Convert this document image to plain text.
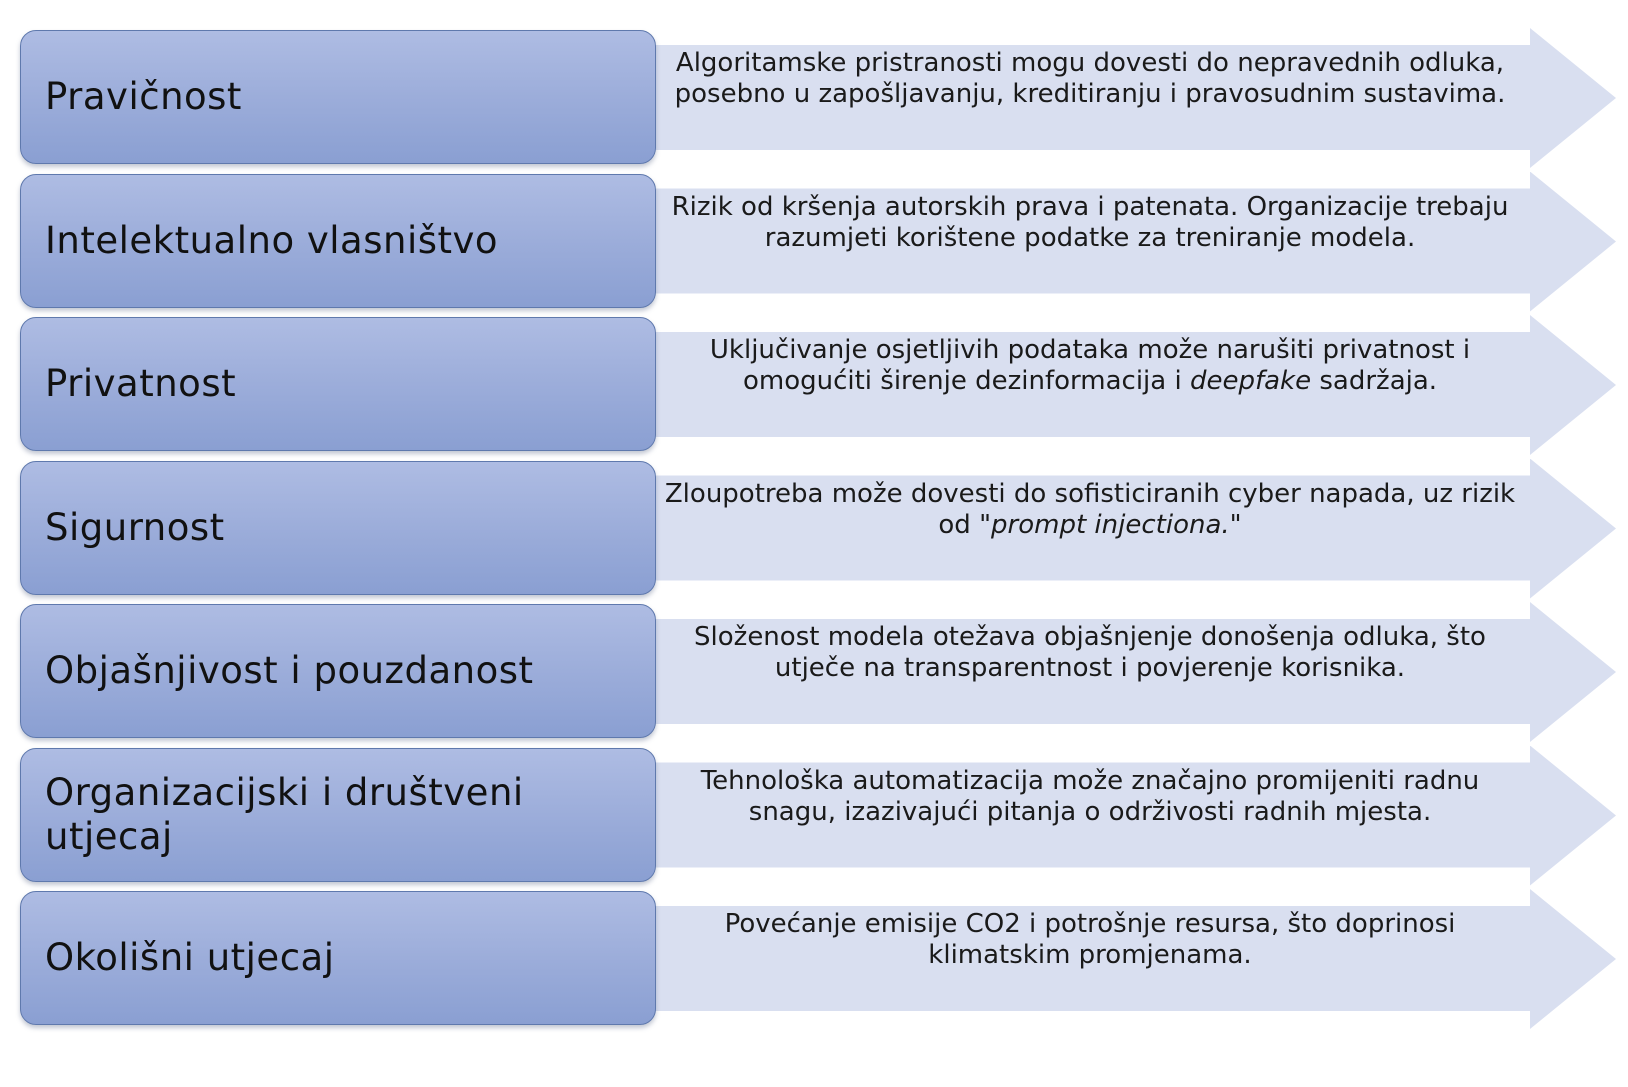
Algoritamske pristranosti mogu dovesti do nepravednih odluka, posebno u zapošljavanju, kreditiranju i pravosudnim sustavima.

Pravičnost

Rizik od kršenja autorskih prava i patenata. Organizacije trebaju razumjeti korištene podatke za treniranje modela.

Intelektualno vlasništvo

Uključivanje osjetljivih podataka može narušiti privatnost i omogućiti širenje dezinformacija i deepfake sadržaja.

Privatnost

Zloupotreba može dovesti do sofisticiranih cyber napada, uz rizik od "prompt injectiona."

Sigurnost

Složenost modela otežava objašnjenje donošenja odluka, što utječe na transparentnost i povjerenje korisnika.

Objašnjivost i pouzdanost

Tehnološka automatizacija može značajno promijeniti radnu snagu, izazivajući pitanja o održivosti radnih mjesta.

Organizacijski i društveni utjecaj

Povećanje emisije CO2 i potrošnje resursa, što doprinosi klimatskim promjenama.

Okolišni utjecaj
